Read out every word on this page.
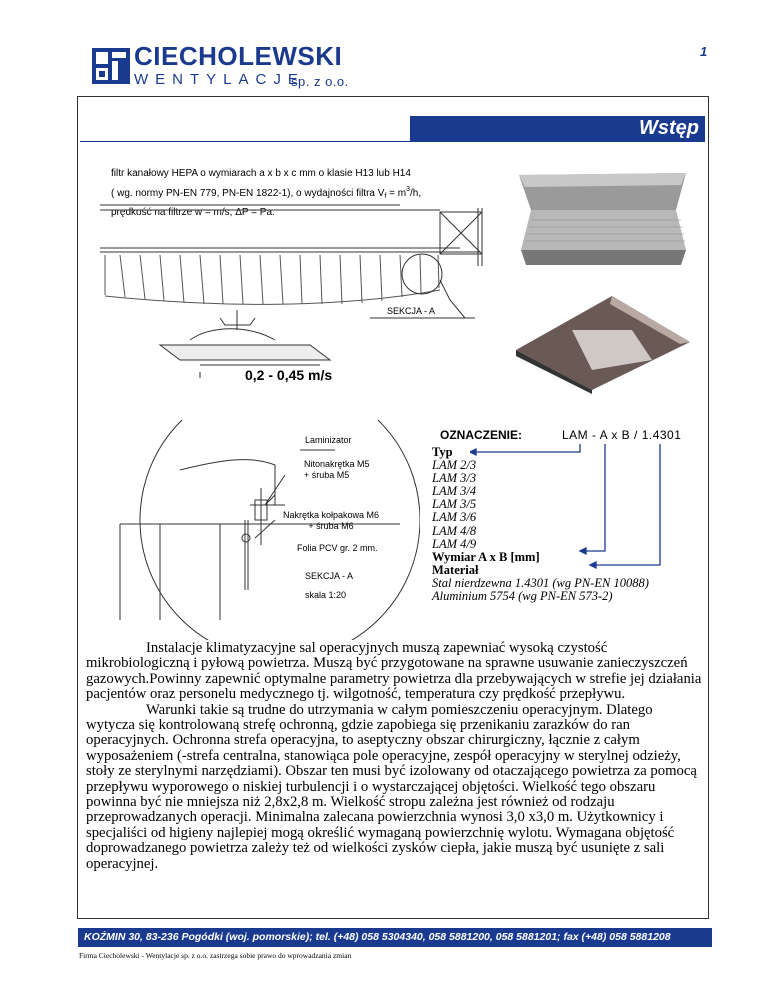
CIECHOLEWSKI
WENTYLACJE
sp. z o.o.
1
Wstęp
filtr kanałowy HEPA o wymiarach a x b x c mm o klasie H13 lub H14
( wg. normy PN-EN 779, PN-EN 1822-1), o wydajności filtra $V_f = m^3/h$,
prędkość na filtrze w = m/s, ΔP = Pa.
SEKCJA - A
0,2 - 0,45 m/s
Laminizator
Nitonakrętka M5
+ śruba M5
Nakrętka kołpakowa M6
+ śruba M6
Folia PCV gr. 2 mm.
SEKCJA - A
skala 1:20
OZNACZENIE:	LAM - A x B / 1.4301
Typ
LAM 2/3
LAM 3/3
LAM 3/4
LAM 3/5
LAM 3/6
LAM 4/8
LAM 4/9
Wymiar A x B [mm]
Materiał
Stal nierdzewna 1.4301 (wg PN-EN 10088)
Aluminium 5754 (wg PN-EN 573-2)

Instalacje klimatyzacyjne sal operacyjnych muszą zapewniać wysoką czystość mikrobiologiczną i pyłową powietrza. Muszą być przygotowane na sprawne usuwanie zanieczyszczeń gazowych.Powinny zapewnić optymalne parametry powietrza dla przebywających w strefie jej działania pacjentów oraz personelu medycznego tj. wilgotność, temperatura czy prędkość przepływu.

Warunki takie są trudne do utrzymania w całym pomieszczeniu operacyjnym. Dlatego wytycza się kontrolowaną strefę ochronną, gdzie zapobiega się przenikaniu zarazków do ran operacyjnych. Ochronna strefa operacyjna, to aseptyczny obszar chirurgiczny, łącznie z całym wyposażeniem (-strefa centralna, stanowiąca pole operacyjne, zespół operacyjny w sterylnej odzieży, stoły ze sterylnymi narzędziami). Obszar ten musi być izolowany od otaczającego powietrza za pomocą przepływu wyporowego o niskiej turbulencji i o wystarczającej objętości. Wielkość tego obszaru powinna być nie mniejsza niż 2,8x2,8 m. Wielkość stropu zależna jest również od rodzaju przeprowadzanych operacji. Minimalna zalecana powierzchnia wynosi 3,0 x3,0 m. Użytkownicy i specjaliści od higieny najlepiej mogą określić wymaganą powierzchnię wylotu. Wymagana objętość doprowadzanego powietrza zależy też od wielkości zysków ciepła, jakie muszą być usunięte z sali operacyjnej.

KOŹMIN 30, 83-236 Pogódki (woj. pomorskie); tel. (+48) 058 5304340, 058 5881200, 058 5881201; fax (+48) 058 5881208
Firma Ciecholewski - Wentylacje sp. z o.o. zastrzega sobie prawo do wprowadzania zmian
